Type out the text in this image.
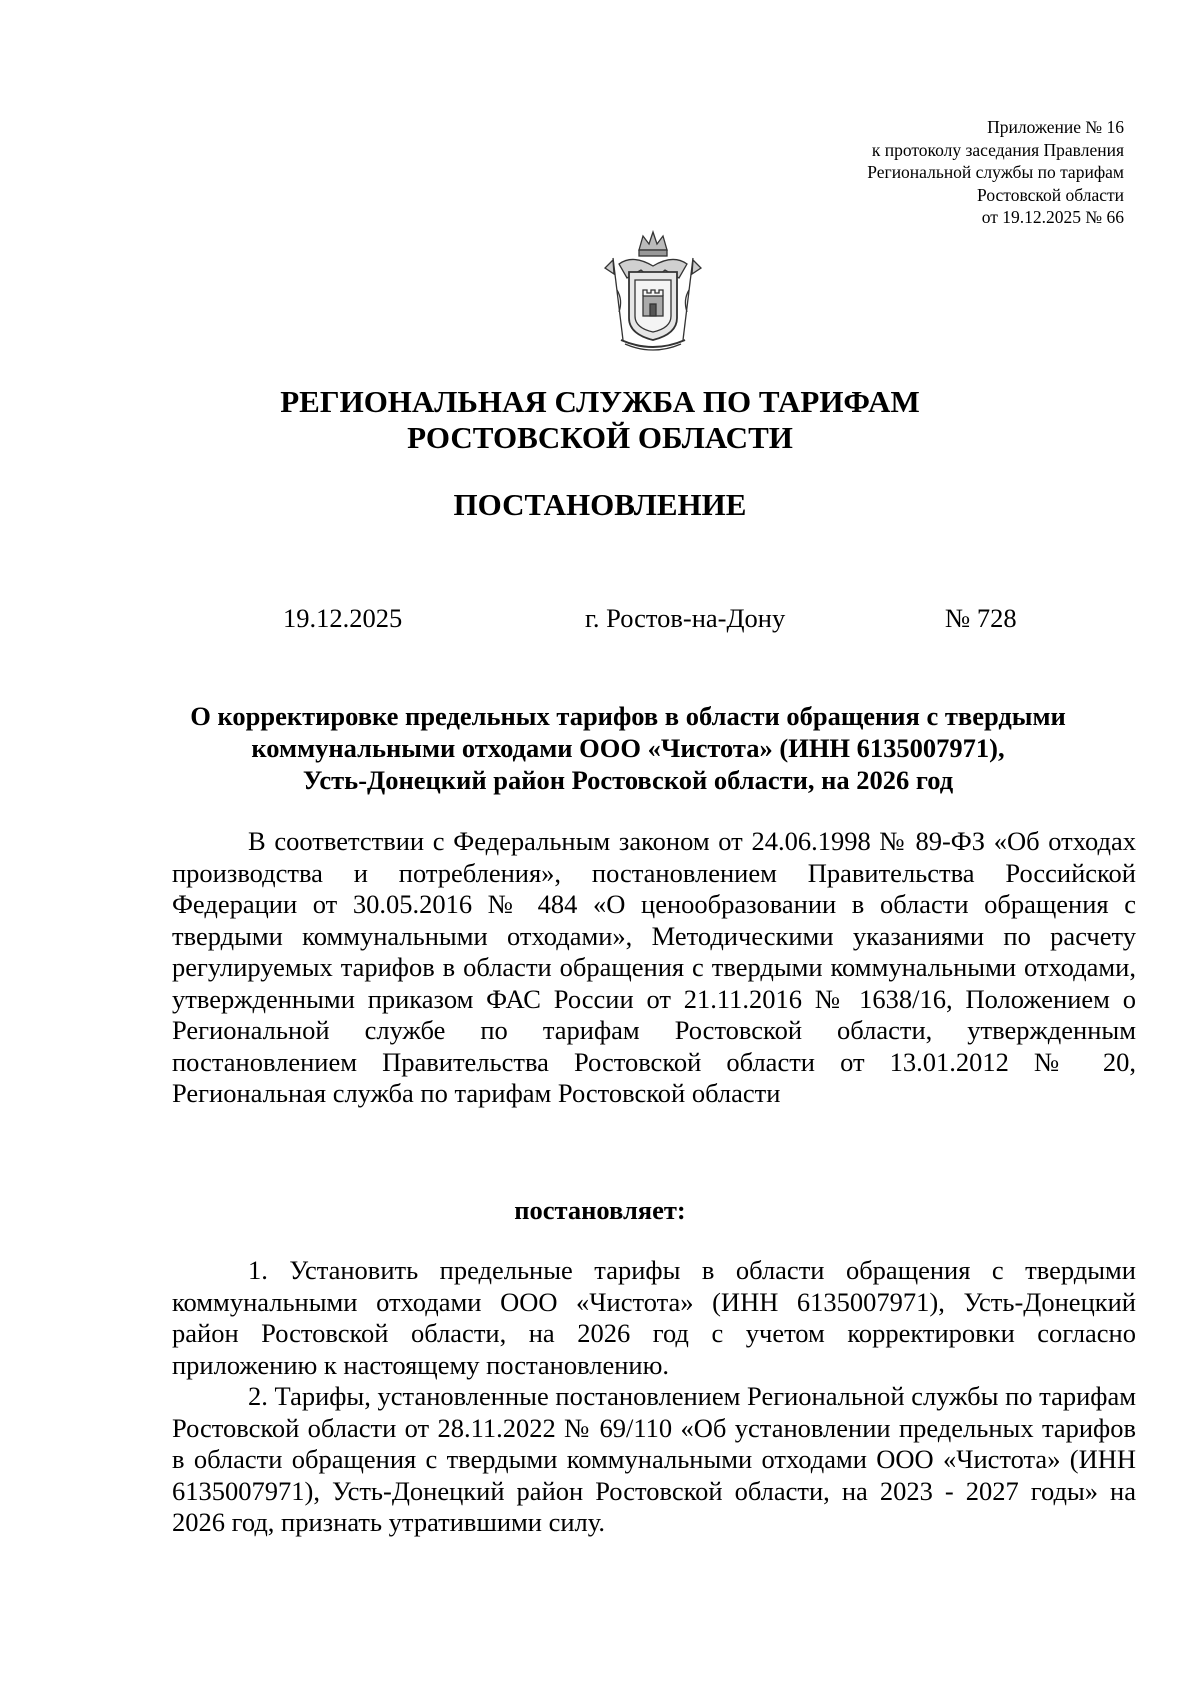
Приложение № 16
к протоколу заседания Правления
Региональной службы по тарифам
Ростовской области
от 19.12.2025 № 66
РЕГИОНАЛЬНАЯ СЛУЖБА ПО ТАРИФАМ
РОСТОВСКОЙ ОБЛАСТИ
ПОСТАНОВЛЕНИЕ
19.12.2025	г. Ростов-на-Дону	№ 728
О корректировке предельных тарифов в области обращения с твердыми
коммунальными отходами ООО «Чистота» (ИНН 6135007971),
Усть-Донецкий район Ростовской области, на 2026 год
В соответствии с Федеральным законом от 24.06.1998 № 89-ФЗ «Об отходах производства и потребления», постановлением Правительства Российской Федерации от 30.05.2016 № 484 «О ценообразовании в области обращения с твердыми коммунальными отходами», Методическими указаниями по расчету регулируемых тарифов в области обращения с твердыми коммунальными отходами, утвержденными приказом ФАС России от 21.11.2016 № 1638/16, Положением о Региональной службе по тарифам Ростовской области, утвержденным постановлением Правительства Ростовской области от 13.01.2012 № 20, Региональная служба по тарифам Ростовской области
постановляет:
1. Установить предельные тарифы в области обращения с твердыми коммунальными отходами ООО «Чистота» (ИНН 6135007971), Усть-Донецкий район Ростовской области, на 2026 год с учетом корректировки согласно приложению к настоящему постановлению.
2. Тарифы, установленные постановлением Региональной службы по тарифам Ростовской области от 28.11.2022 № 69/110 «Об установлении предельных тарифов в области обращения с твердыми коммунальными отходами ООО «Чистота» (ИНН 6135007971), Усть-Донецкий район Ростовской области, на 2023 - 2027 годы» на 2026 год, признать утратившими силу.
